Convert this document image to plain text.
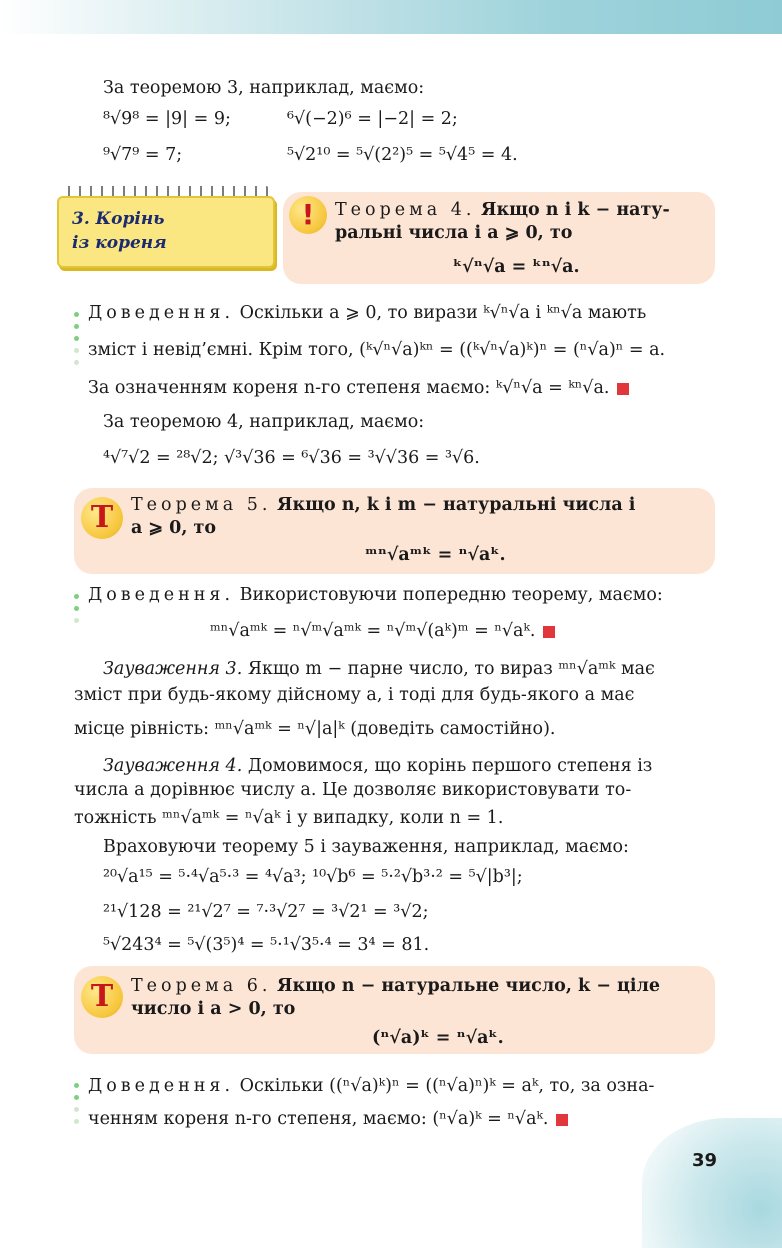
За теоремою 3, наприклад, маємо:
⁸√9⁸ = |9| = 9;	⁶√(−2)⁶ = |−2| = 2;
⁹√7⁹ = 7;	⁵√2¹⁰ = ⁵√(2²)⁵ = ⁵√4⁵ = 4.
3. Корінь
із кореня
!	Теорема 4. Якщо n і k − нату-
ральні числа і a ⩾ 0, то
ᵏ√ⁿ√a = ᵏⁿ√a.
Доведення. Оскільки a ⩾ 0, то вирази ᵏ√ⁿ√a і ᵏⁿ√a мають
зміст і невід’ємні. Крім того, (ᵏ√ⁿ√a)ᵏⁿ = ((ᵏ√ⁿ√a)ᵏ)ⁿ = (ⁿ√a)ⁿ = a.
За означенням кореня n-го степеня маємо: ᵏ√ⁿ√a = ᵏⁿ√a.
За теоремою 4, наприклад, маємо:
⁴√⁷√2 = ²⁸√2; √³√36 = ⁶√36 = ³√√36 = ³√6.
T	Теорема 5. Якщо n, k і m − натуральні числа і
a ⩾ 0, то
ᵐⁿ√aᵐᵏ = ⁿ√aᵏ.
Доведення. Використовуючи попередню теорему, маємо:
ᵐⁿ√aᵐᵏ = ⁿ√ᵐ√aᵐᵏ = ⁿ√ᵐ√(aᵏ)ᵐ = ⁿ√aᵏ.
Зауваження 3. Якщо m − парне число, то вираз ᵐⁿ√aᵐᵏ має
зміст при будь-якому дійсному a, і тоді для будь-якого a має
місце рівність: ᵐⁿ√aᵐᵏ = ⁿ√|a|ᵏ (доведіть самостійно).
Зауваження 4. Домовимося, що корінь першого степеня із
числа a дорівнює числу a. Це дозволяє використовувати то-
тожність ᵐⁿ√aᵐᵏ = ⁿ√aᵏ і у випадку, коли n = 1.
Враховуючи теорему 5 і зауваження, наприклад, маємо:
²⁰√a¹⁵ = ⁵·⁴√a⁵·³ = ⁴√a³; ¹⁰√b⁶ = ⁵·²√b³·² = ⁵√|b³|;
²¹√128 = ²¹√2⁷ = ⁷·³√2⁷ = ³√2¹ = ³√2;
⁵√243⁴ = ⁵√(3⁵)⁴ = ⁵·¹√3⁵·⁴ = 3⁴ = 81.
T	Теорема 6. Якщо n − натуральне число, k − ціле
число і a > 0, то
(ⁿ√a)ᵏ = ⁿ√aᵏ.
Доведення. Оскільки ((ⁿ√a)ᵏ)ⁿ = ((ⁿ√a)ⁿ)ᵏ = aᵏ, то, за озна-
ченням кореня n-го степеня, маємо: (ⁿ√a)ᵏ = ⁿ√aᵏ.
39
